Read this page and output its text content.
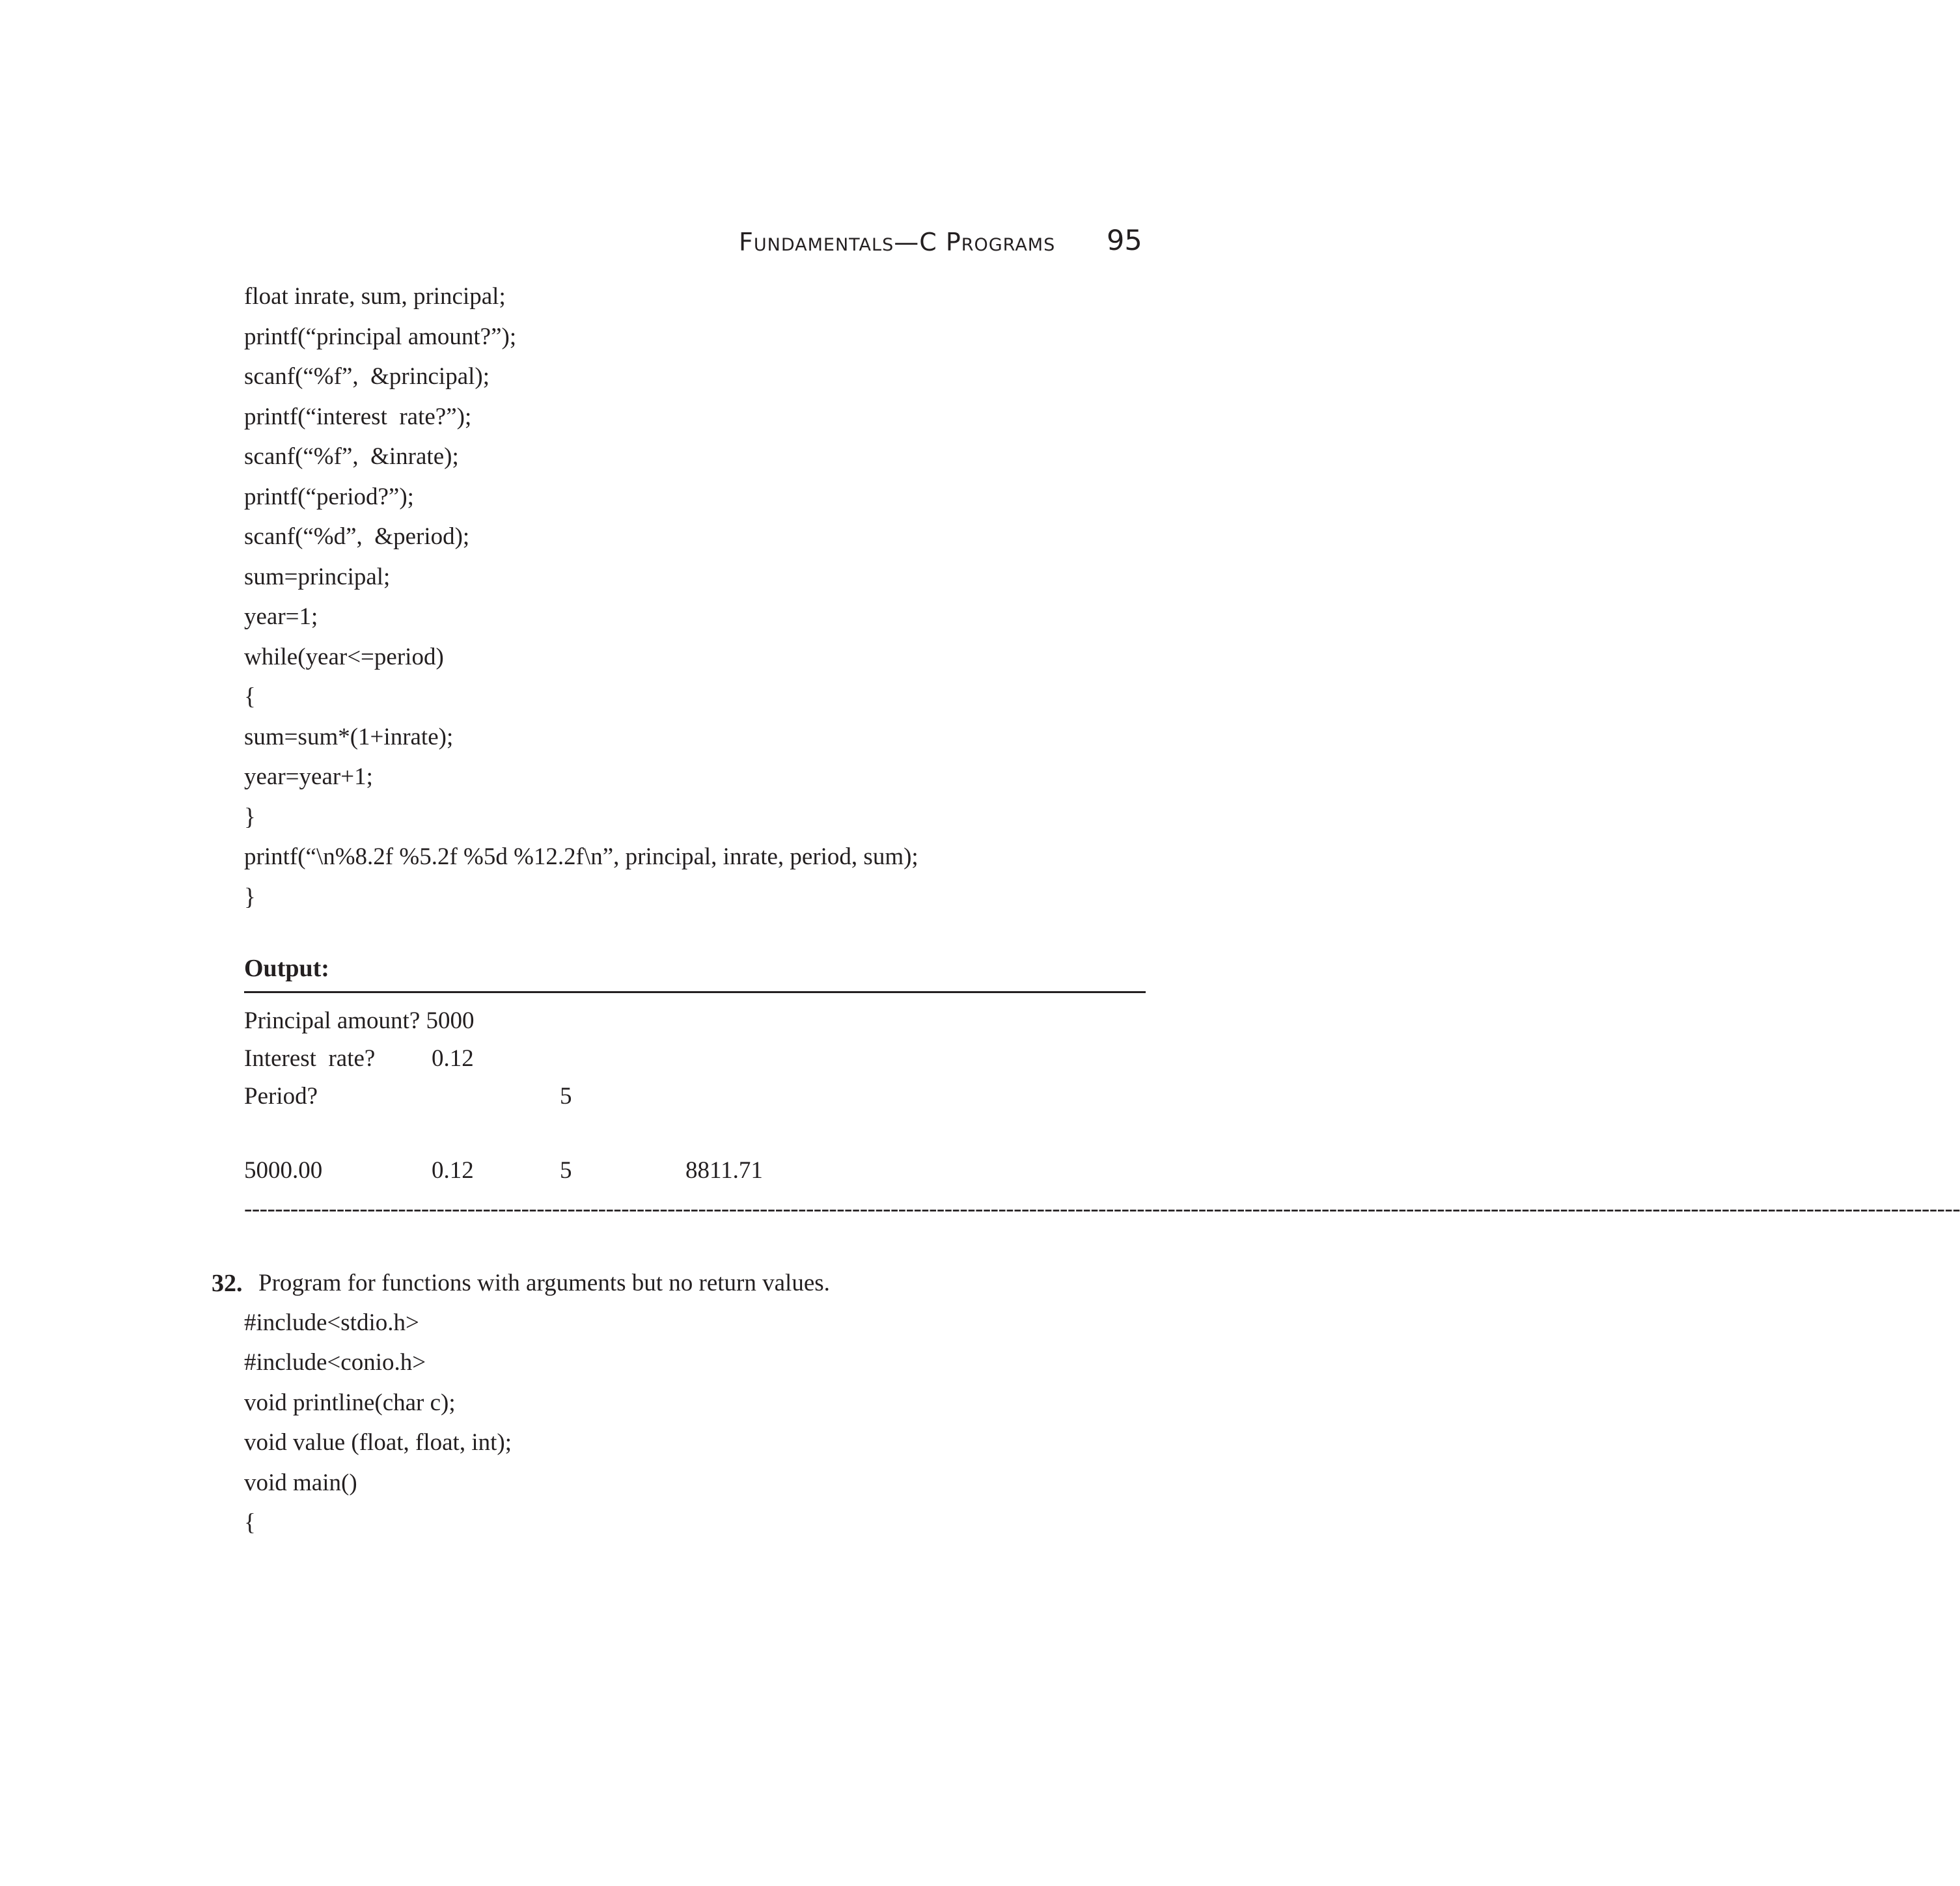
Fundamentals—C Programs 95
float inrate, sum, principal;
printf(“principal amount?”);
scanf(“%f”,  &principal);
printf(“interest  rate?”);
scanf(“%f”,  &inrate);
printf(“period?”);
scanf(“%d”,  &period);
sum=principal;
year=1;
while(year<=period)
{
sum=sum*(1+inrate);
year=year+1;
}
printf(“\n%8.2f %5.2f %5d %12.2f\n”, principal, inrate, period, sum);
}
Output:
Principal amount? 5000
Interest  rate? 0.12
Period?	5
5000.00	0.12	5	8811.71
-------------------------------------------------------------------------------------------------------------------------------------------------------------------------------------------------------------------------------
32. Program for functions with arguments but no return values.
#include<stdio.h>
#include<conio.h>
void printline(char c);
void value (float, float, int);
void main()
{
